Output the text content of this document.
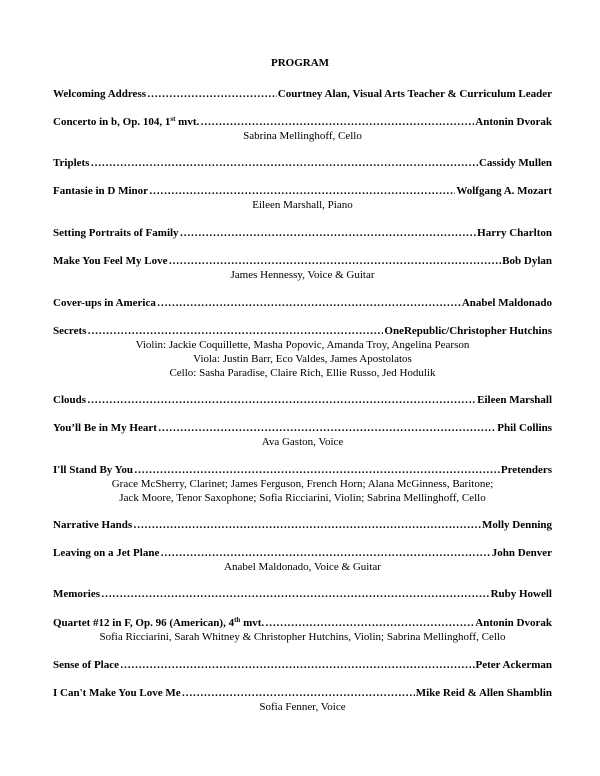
PROGRAM
Welcoming Address ……………………………………………………………………………………………………………………………………………………………………………	Courtney Alan, Visual Arts Teacher & Curriculum Leader
Concerto in b, Op. 104, 1st mvt. ……………………………………………………………………………………………………………………………………………………………………………	Antonin Dvorak
Sabrina Mellinghoff, Cello
Triplets ……………………………………………………………………………………………………………………………………………………………………………	Cassidy Mullen
Fantasie in D Minor ……………………………………………………………………………………………………………………………………………………………………………	Wolfgang A. Mozart
Eileen Marshall, Piano
Setting Portraits of Family ……………………………………………………………………………………………………………………………………………………………………………	Harry Charlton
Make You Feel My Love ……………………………………………………………………………………………………………………………………………………………………………	Bob Dylan
James Hennessy, Voice & Guitar
Cover-ups in America ……………………………………………………………………………………………………………………………………………………………………………	Anabel Maldonado
Secrets ……………………………………………………………………………………………………………………………………………………………………………	OneRepublic/Christopher Hutchins
Violin: Jackie Coquillette, Masha Popovic, Amanda Troy, Angelina Pearson
Viola: Justin Barr, Eco Valdes, James Apostolatos
Cello: Sasha Paradise, Claire Rich, Ellie Russo, Jed Hodulik
Clouds ……………………………………………………………………………………………………………………………………………………………………………	Eileen Marshall
You’ll Be in My Heart ……………………………………………………………………………………………………………………………………………………………………………	Phil Collins
Ava Gaston, Voice
I'll Stand By You ……………………………………………………………………………………………………………………………………………………………………………	Pretenders
Grace McSherry, Clarinet; James Ferguson, French Horn; Alana McGinness, Baritone;
Jack Moore, Tenor Saxophone; Sofia Ricciarini, Violin; Sabrina Mellinghoff, Cello
Narrative Hands ……………………………………………………………………………………………………………………………………………………………………………	Molly Denning
Leaving on a Jet Plane ……………………………………………………………………………………………………………………………………………………………………………	John Denver
Anabel Maldonado, Voice & Guitar
Memories ……………………………………………………………………………………………………………………………………………………………………………	Ruby Howell
Quartet #12 in F, Op. 96 (American), 4th mvt. ……………………………………………………………………………………………………………………………………………………………………………	Antonin Dvorak
Sofia Ricciarini, Sarah Whitney & Christopher Hutchins, Violin; Sabrina Mellinghoff, Cello
Sense of Place ……………………………………………………………………………………………………………………………………………………………………………	Peter Ackerman
I Can't Make You Love Me ……………………………………………………………………………………………………………………………………………………………………………	Mike Reid & Allen Shamblin
Sofia Fenner, Voice
